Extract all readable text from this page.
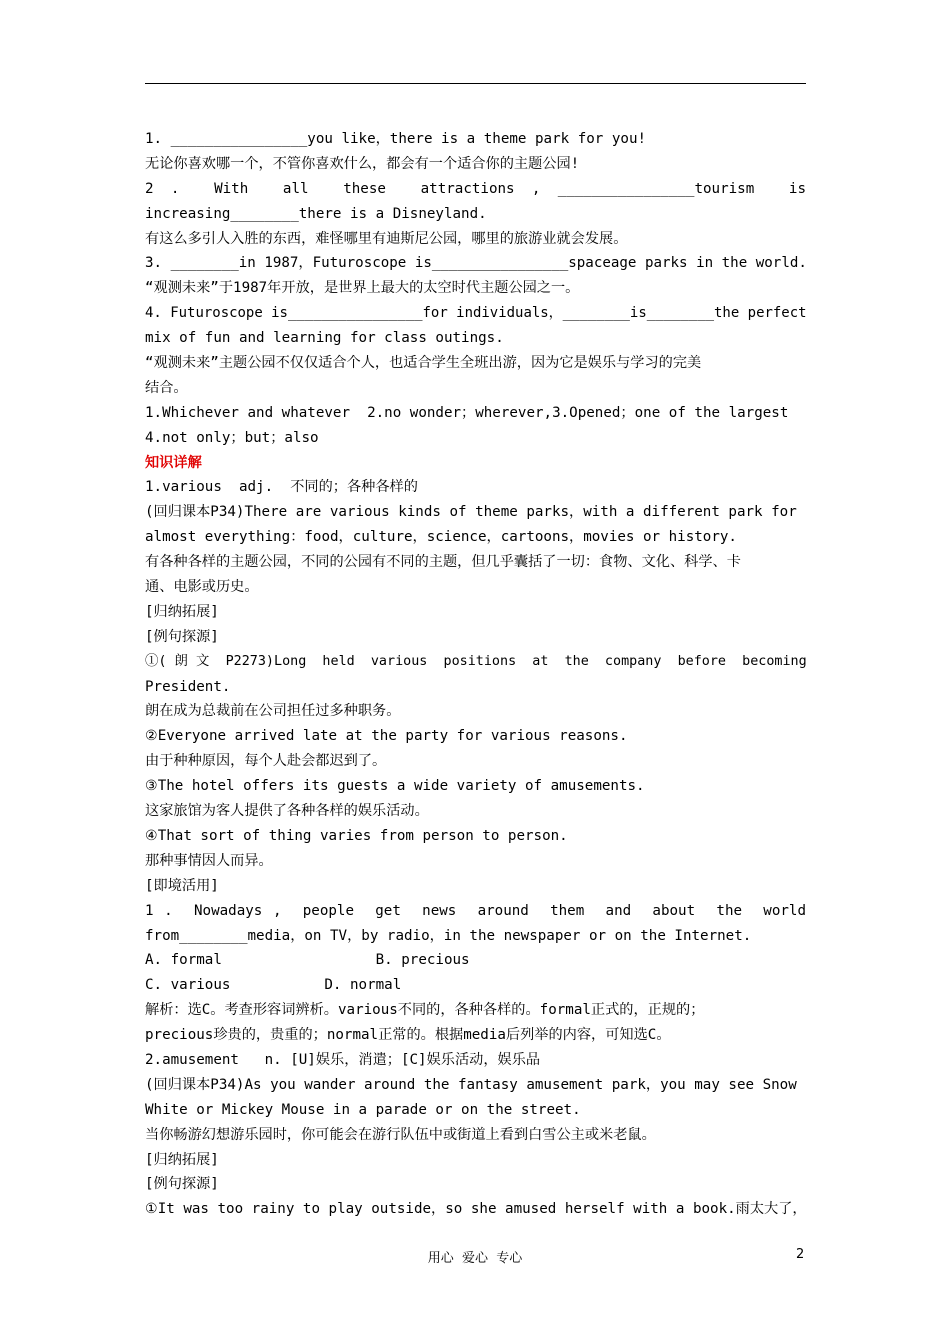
1. ________________you like，there is a theme park for you!
无论你喜欢哪一个，不管你喜欢什么，都会有一个适合你的主题公园!
2 .  With  all  these  attractions , ________________tourism  is
increasing________there is a Disneyland.
有这么多引人入胜的东西，难怪哪里有迪斯尼公园，哪里的旅游业就会发展。
3. ________in 1987，Futuroscope is________________spaceage parks in the world.
“观测未来”于1987年开放，是世界上最大的太空时代主题公园之一。
4. Futuroscope is________________for individuals，________is________the perfect
mix of fun and learning for class outings.
“观测未来”主题公园不仅仅适合个人，也适合学生全班出游，因为它是娱乐与学习的完美
结合。
1.Whichever and whatever  2.no wonder；wherever,3.Opened；one of the largest
4.not only；but；also
知识详解
1.various  adj.  不同的；各种各样的
(回归课本P34)There are various kinds of theme parks，with a different park for
almost everything：food，culture，science，cartoons，movies or history.
有各种各样的主题公园，不同的公园有不同的主题，但几乎囊括了一切：食物、文化、科学、卡
通、电影或历史。
[归纳拓展]
[例句探源]
①( 朗 文  P2273)Long  held  various  positions  at  the  company  before  becoming
President.
朗在成为总裁前在公司担任过多种职务。
②Everyone arrived late at the party for various reasons.
由于种种原因，每个人赴会都迟到了。
③The hotel offers its guests a wide variety of amusements.
这家旅馆为客人提供了各种各样的娱乐活动。
④That sort of thing varies from person to person.
那种事情因人而异。
[即境活用]
1 .  Nowadays ,  people  get  news  around  them  and  about  the  world
from________media，on TV，by radio，in the newspaper or on the Internet.
A. formal                  B. precious
C. various           D. normal
解析：选C。考查形容词辨析。various不同的，各种各样的。formal正式的，正规的；
precious珍贵的，贵重的；normal正常的。根据media后列举的内容，可知选C。
2.amusement   n. [U]娱乐，消遣；[C]娱乐活动，娱乐品
(回归课本P34)As you wander around the fantasy amusement park，you may see Snow
White or Mickey Mouse in a parade or on the street.
当你畅游幻想游乐园时，你可能会在游行队伍中或街道上看到白雪公主或米老鼠。
[归纳拓展]
[例句探源]
①It was too rainy to play outside，so she amused herself with a book.雨太大了，
用心  爱心  专心	2
